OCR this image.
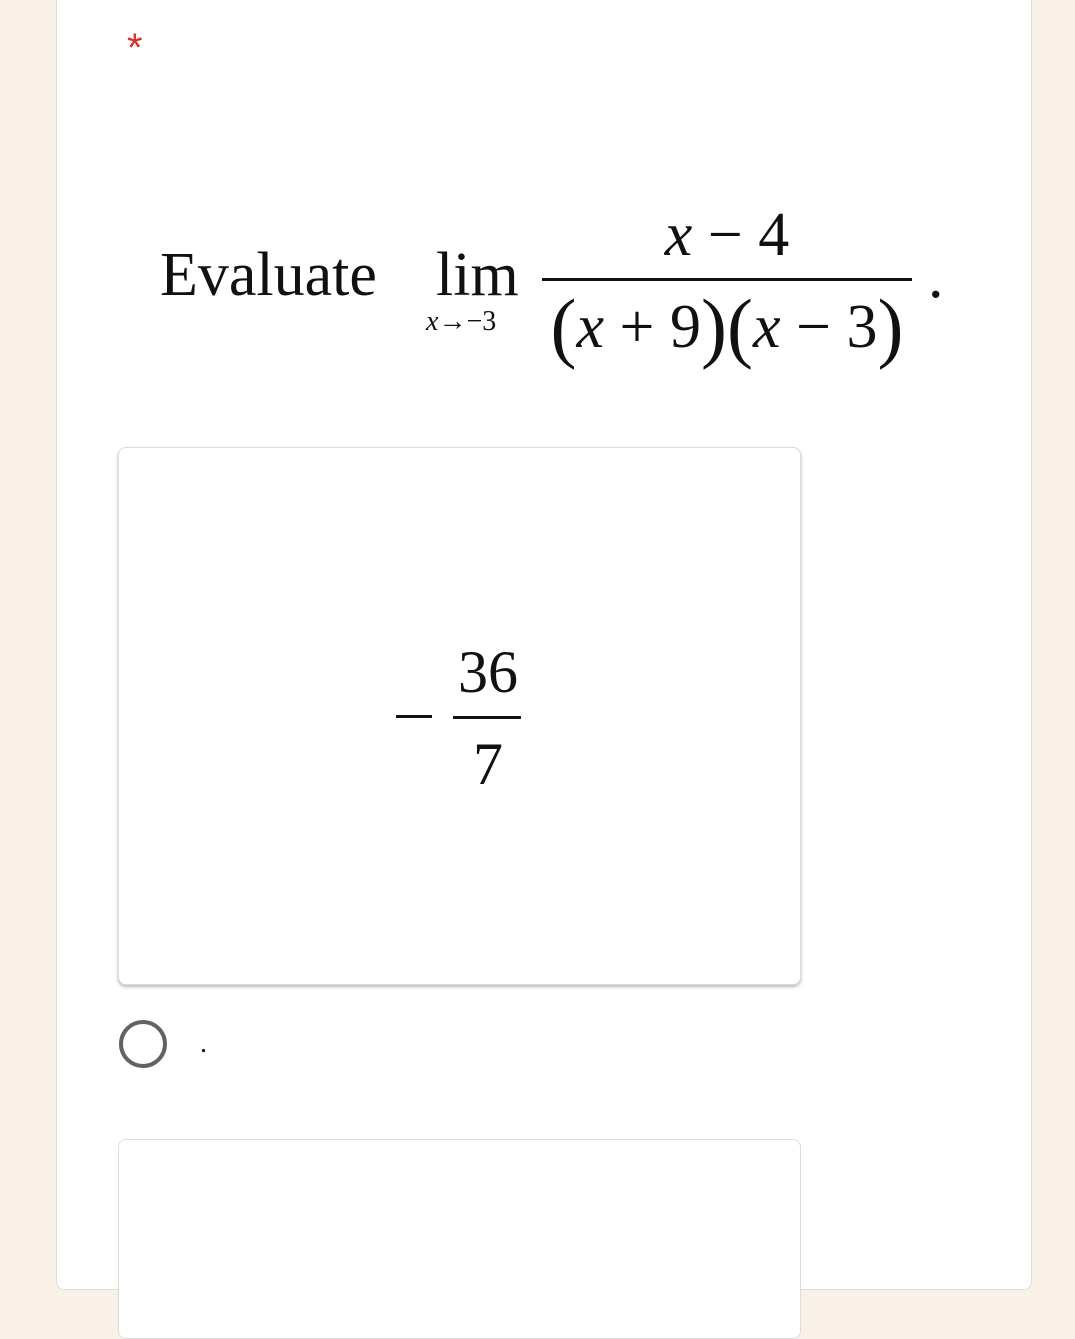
*
Evaluate lim
x→−3
x − 4
(x + 9)(x − 3)
.
36
7
.
